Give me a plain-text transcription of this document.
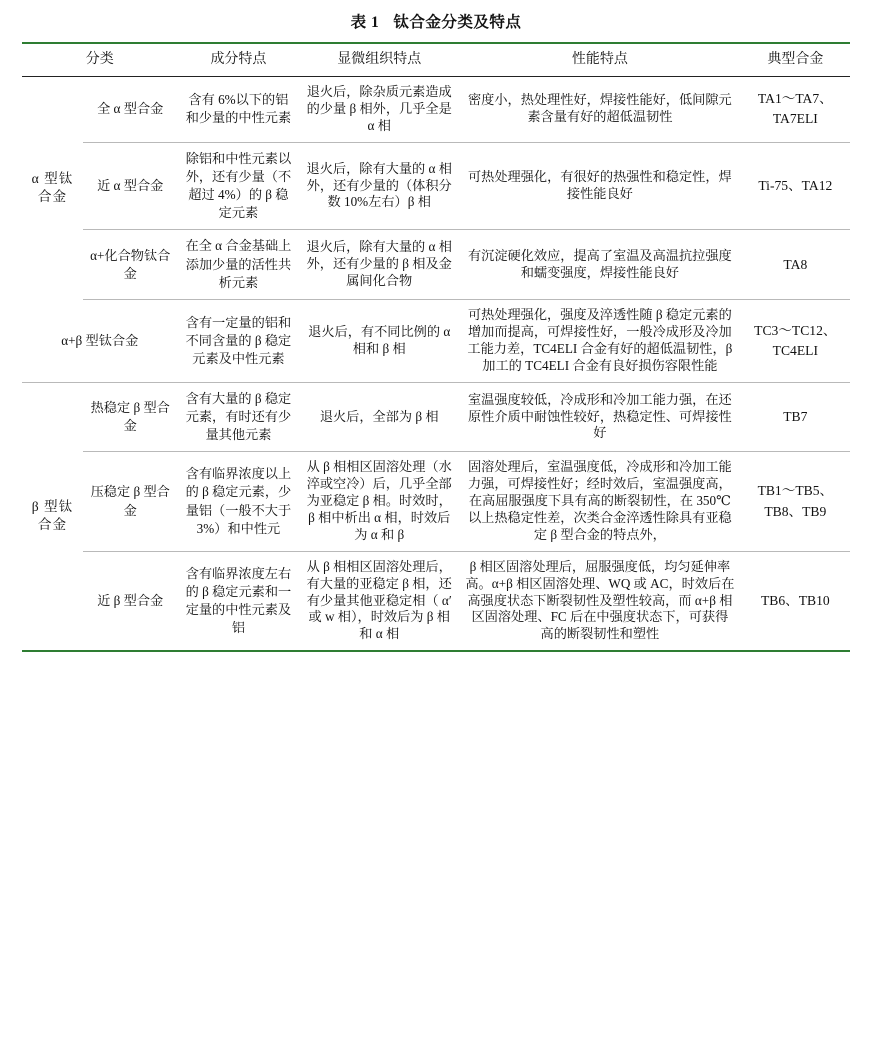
表 1 钛合金分类及特点
分类		成分特点	显微组织特点	性能特点	典型合金
α 型钛合金	全 α 型合金	含有 6%以下的铝和少量的中性元素	退火后，除杂质元素造成的少量 β 相外，几乎全是 α 相	密度小，热处理性好，焊接性能好，低间隙元素含量有好的超低温韧性	TA1～TA7、TA7ELI
	近 α 型合金	除铝和中性元素以外，还有少量（不超过 4%）的 β 稳定元素	退火后，除有大量的 α 相外，还有少量的（体积分数 10%左右）β 相	可热处理强化，有很好的热强性和稳定性，焊接性能良好	Ti-75、TA12
	α+化合物钛合金	在全 α 合金基础上添加少量的活性共析元素	退火后，除有大量的 α 相外，还有少量的 β 相及金属间化合物	有沉淀硬化效应，提高了室温及高温抗拉强度和蠕变强度，焊接性能良好	TA8
α+β 型钛合金		含有一定量的铝和不同含量的 β 稳定元素及中性元素	退火后，有不同比例的 α 相和 β 相	可热处理强化，强度及淬透性随 β 稳定元素的增加而提高，可焊接性好，一般冷成形及冷加工能力差，TC4ELI 合金有好的超低温韧性，β 加工的 TC4ELI 合金有良好损伤容限性能	TC3～TC12、TC4ELI
β 型钛合金	热稳定 β 型合金	含有大量的 β 稳定元素，有时还有少量其他元素	退火后，全部为 β 相	室温强度较低，冷成形和冷加工能力强，在还原性介质中耐蚀性较好，热稳定性、可焊接性好	TB7
	压稳定 β 型合金	含有临界浓度以上的 β 稳定元素，少量铝（一般不大于 3%）和中性元	从 β 相相区固溶处理（水淬或空冷）后，几乎全部为亚稳定 β 相。时效时，β 相中析出 α 相，时效后为 α 和 β	固溶处理后，室温强度低，冷成形和冷加工能力强，可焊接性好；经时效后，室温强度高，在高屈服强度下具有高的断裂韧性，在 350℃ 以上热稳定性差，次类合金淬透性除具有亚稳定 β 型合金的特点外，	TB1～TB5、TB8、TB9
	近 β 型合金	含有临界浓度左右的 β 稳定元素和一定量的中性元素及铝	从 β 相相区固溶处理后，有大量的亚稳定 β 相，还有少量其他亚稳定相（ α′ 或 w 相），时效后为 β 相和 α 相	β 相区固溶处理后，屈服强度低，均匀延伸率高。α+β 相区固溶处理、WQ 或 AC，时效后在高强度状态下断裂韧性及塑性较高，而 α+β 相区固溶处理、FC 后在中强度状态下，可获得高的断裂韧性和塑性	TB6、TB10
